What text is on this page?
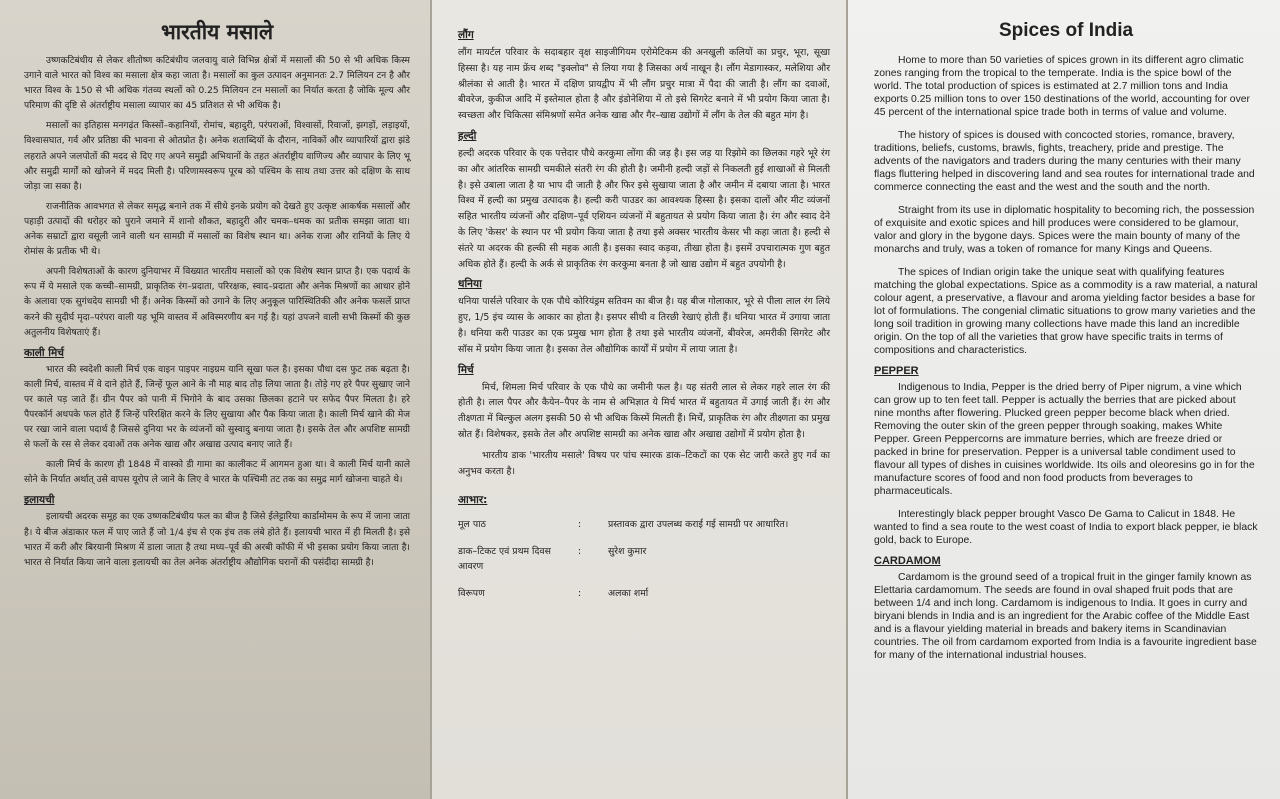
भारतीय मसाले

उष्णकटिबंधीय से लेकर शीतोष्ण कटिबंधीय जलवायु वाले विभिन्न क्षेत्रों में मसालों की 50 से भी अधिक किस्म उगाने वाले भारत को विश्व का मसाला क्षेत्र कहा जाता है। मसालों का कुल उत्पादन अनुमानतः 2.7 मिलियन टन है और भारत विश्व के 150 से भी अधिक गंतव्य स्थलों को 0.25 मिलियन टन मसालों का निर्यात करता है जोकि मूल्य और परिमाण की दृष्टि से अंतर्राष्ट्रीय मसाला व्यापार का 45 प्रतिशत से भी अधिक है।

मसालों का इतिहास मनगढ़ंत किस्सों–कहानियों, रोमांच, बहादुरी, परंपराओं, विश्वासों, रिवाजों, झगड़ों, लड़ाइयों, विश्वासघात, गर्व और प्रतिष्ठा की भावना से ओतप्रोत है। अनेक शताब्दियों के दौरान, नाविकों और व्यापारियों द्वारा झंडे लहराते अपने जलपोतों की मदद से दिए गए अपने समुद्री अभियानों के तहत अंतर्राष्ट्रीय वाणिज्य और व्यापार के लिए भू और समुद्री मार्गों को खोजने में मदद मिली है। परिणामस्वरूप पूरब को पश्चिम के साथ तथा उत्तर को दक्षिण के साथ जोड़ा जा सका है।

राजनीतिक आवभगत से लेकर समृद्ध बनाने तक में सीधे इनके प्रयोग को देखते हुए उत्कृष्ट आकर्षक मसालों और पहाड़ी उत्पादों की धरोहर को पुराने जमाने में शानो शौकत, बहादुरी और चमक–धमक का प्रतीक समझा जाता था। अनेक सम्राटों द्वारा वसूली जाने वाली धन सामग्री में मसालों का विशेष स्थान था। अनेक राजा और रानियों के लिए ये रोमांस के प्रतीक भी थे।

अपनी विशेषताओं के कारण दुनियाभर में विख्यात भारतीय मसालों को एक विशेष स्थान प्राप्त है। एक पदार्थ के रूप में ये मसाले एक कच्ची–सामग्री, प्राकृतिक रंग–प्रदाता, परिरक्षक, स्वाद–प्रदाता और अनेक मिश्रणों का आधार होने के अलावा एक सुगंधदेय सामग्री भी हैं। अनेक किस्मों को उगाने के लिए अनुकूल पारिस्थितिकी और अनेक फसलें प्राप्त करने की सुदीर्घ मृदा–परंपरा वाली यह भूमि वास्तव में अविस्मरणीय बन गई है। यहां उपजने वाली सभी किस्मों की कुछ अतुलनीय विशेषताएं हैं।

काली मिर्च

भारत की स्वदेशी काली मिर्च एक वाइन पाइपर नाइग्रम यानि सूखा फल है। इसका पौधा दस फुट तक बढ़ता है। काली मिर्च, वास्तव में वे दाने होते हैं, जिन्हें फूल आने के नौ माह बाद तोड़ लिया जाता है। तोड़े गए हरे पैपर सुखाए जाने पर काले पड़ जाते हैं। ग्रीन पैपर को पानी में भिगोने के बाद उसका छिलका हटाने पर सफेद पैपर मिलता है। हरे पैपरकॉर्न अधपके फल होते हैं जिन्हें परिरक्षित करने के लिए सुखाया और पैक किया जाता है। काली मिर्च खाने की मेज पर रखा जाने वाला पदार्थ है जिससे दुनिया भर के व्यंजनों को सुस्वादु बनाया जाता है। इसके तेल और अपशिष्ट सामग्री से फलों के रस से लेकर दवाओं तक अनेक खाद्य और अखाद्य उत्पाद बनाए जाते हैं।

काली मिर्च के कारण ही 1848 में वास्को डी गामा का कालीकट में आगमन हुआ था। वे काली मिर्च यानी काले सोने के निर्यात अर्थात् उसे वापस यूरोप ले जाने के लिए वे भारत के पश्चिमी तट तक का समुद्र मार्ग खोजना चाहते थे।

इलायची

इलायची अदरक समूह का एक उष्णकटिबंधीय फल का बीज है जिसे ईलेट्टारिया कार्डामोमम के रूप में जाना जाता है। ये बीज अंडाकार फल में पाए जाते हैं जो 1/4 इंच से एक इंच तक लंबे होते हैं। इलायची भारत में ही मिलती है। इसे भारत में करी और बिरयानी मिश्रण में डाला जाता है तथा मध्य–पूर्व की अरबी कॉफी में भी इसका प्रयोग किया जाता है। भारत से निर्यात किया जाने वाला इलायची का तेल अनेक अंतर्राष्ट्रीय औद्योगिक घरानों की पसंदीदा सामग्री है।

लौंग

लौंग मायर्टल परिवार के सदाबहार वृक्ष साइजीगियम एरोमेटिकम की अनखुली कलियों का प्रचुर, भूरा, सूखा हिस्सा है। यह नाम फ्रेंच शब्द "इक्लोव" से लिया गया है जिसका अर्थ नाखून है। लौंग मेडागास्कर, मलेशिया और श्रीलंका से आती है। भारत में दक्षिण प्रायद्वीप में भी लौंग प्रचुर मात्रा में पैदा की जाती है। लौंग का दवाओं, बीवरेज, कुकीज आदि में इस्तेमाल होता है और इंडोनेशिया में तो इसे सिगरेट बनाने में भी प्रयोग किया जाता है। स्वच्छता और चिकित्सा संमिश्रणों समेत अनेक खाद्य और गैर–खाद्य उद्योगों में लौंग के तेल की बहुत मांग है।

हल्दी

हल्दी अदरक परिवार के एक पत्तेदार पौधे करकुमा लोंगा की जड़ है। इस जड़ या रिझोमे का छिलका गहरे भूरे रंग का और आंतरिक सामग्री चमकीले संतरी रंग की होती है। जमीनी हल्दी जड़ों से निकलती हुई शाखाओं से मिलती है। इसे उबाला जाता है या भाप दी जाती है और फिर इसे सुखाया जाता है और जमीन में दबाया जाता है। भारत विश्व में हल्दी का प्रमुख उत्पादक है। हल्दी करी पाउडर का आवश्यक हिस्सा है। इसका दालों और मीट व्यंजनों सहित भारतीय व्यंजनों और दक्षिण–पूर्व एशियन व्यंजनों में बहुतायत से प्रयोग किया जाता है। रंग और स्वाद देने के लिए 'केसर' के स्थान पर भी प्रयोग किया जाता है तथा इसे अक्सर भारतीय केसर भी कहा जाता है। हल्दी से संतरे या अदरक की हल्की सी महक आती है। इसका स्वाद कड़वा, तीखा होता है। इसमें उपचारात्मक गुण बहुत अधिक होते हैं। हल्दी के अर्क से प्राकृतिक रंग करकुमा बनता है जो खाद्य उद्योग में बहुत उपयोगी है।

धनिया

धनिया पार्सले परिवार के एक पौधे कोरियंड्रम सतिवम का बीज है। यह बीज गोलाकार, भूरे से पीला लाल रंग लिये हुए, 1/5 इंच व्यास के आकार का होता है। इसपर सीधी व तिरछी रेखाएं होती हैं। धनिया भारत में उगाया जाता है। धनिया करी पाउडर का एक प्रमुख भाग होता है तथा इसे भारतीय व्यंजनों, बीवरेज, अमरीकी सिगरेट और सॉस में प्रयोग किया जाता है। इसका तेल औद्योगिक कार्यों में प्रयोग में लाया जाता है।

मिर्च

मिर्च, शिमला मिर्च परिवार के एक पौधे का जमीनी फल है। यह संतरी लाल से लेकर गहरे लाल रंग की होती है। लाल पैपर और कैयेन–पैपर के नाम से अभिज्ञात ये मिर्च भारत में बहुतायत में उगाई जाती हैं। रंग और तीक्ष्णता में बिल्कुल अलग इसकी 50 से भी अधिक किस्में मिलती हैं। मिर्चें, प्राकृतिक रंग और तीक्ष्णता का प्रमुख स्रोत हैं। विशेषकर, इसके तेल और अपशिष्ट सामग्री का अनेक खाद्य और अखाद्य उद्योगों में प्रयोग होता है।

भारतीय डाक 'भारतीय मसाले' विषय पर पांच स्मारक डाक–टिकटों का एक सेट जारी करते हुए गर्व का अनुभव करता है।

आभार:
मूल पाठ	:	प्रस्तावक द्वारा उपलब्ध कराई गई सामग्री पर आधारित।
डाक–टिकट एवं प्रथम दिवस आवरण
:	सुरेश कुमार
विरूपण	:	अलका शर्मा
Spices of India

Home to more than 50 varieties of spices grown in its different agro climatic zones ranging from the tropical to the temperate. India is the spice bowl of the world. The total production of spices is estimated at 2.7 million tons and India exports 0.25 million tons to over 150 destinations of the world, accounting for over 45 percent of the international spice trade both in terms of value and volume.

The history of spices is doused with concocted stories, romance, bravery, traditions, beliefs, customs, brawls, fights, treachery, pride and prestige. The advents of the navigators and traders during the many centuries with their many flags fluttering helped in discovering land and sea routes for international trade and commerce connecting the east and the west and the south and the north.

Straight from its use in diplomatic hospitality to becoming rich, the possession of exquisite and exotic spices and hill produces were considered to be glamour, valor and glory in the bygone days. Spices were the main bounty of many of the monarchs and truly, was a token of romance for many Kings and Queens.

The spices of Indian origin take the unique seat with qualifying features matching the global expectations. Spice as a commodity is a raw material, a natural colour agent, a preservative, a flavour and aroma yielding factor besides a base for lot of formulations. The congenial climatic situations to grow many varieties and the long soil tradition in growing many collections have made this land an incredible origin. On the top of all the varieties that grow have specific traits in terms of compositions and characteristics.

PEPPER

Indigenous to India, Pepper is the dried berry of Piper nigrum, a vine which can grow up to ten feet tall. Pepper is actually the berries that are picked about nine months after flowering. Plucked green pepper become black when dried. Removing the outer skin of the green pepper through soaking, makes White Pepper. Green Peppercorns are immature berries, which are freeze dried or packed in brine for preservation. Pepper is a universal table condiment used to flavour all types of dishes in cuisines worldwide. Its oils and oleoresins go in for the manufacture scores of food and non food products from beverages to pharmaceuticals.

Interestingly black pepper brought Vasco De Gama to Calicut in 1848. He wanted to find a sea route to the west coast of India to export black pepper, ie black gold, back to Europe.

CARDAMOM

Cardamom is the ground seed of a tropical fruit in the ginger family known as Elettaria cardamomum. The seeds are found in oval shaped fruit pods that are between 1/4 and inch long. Cardamom is indigenous to India. It goes in curry and biryani blends in India and is an ingredient for the Arabic coffee of the Middle East and is a flavour yielding material in breads and bakery items in Scandinavian countries. The oil from cardamom exported from India is a favourite ingredient base for many of the international industrial houses.
